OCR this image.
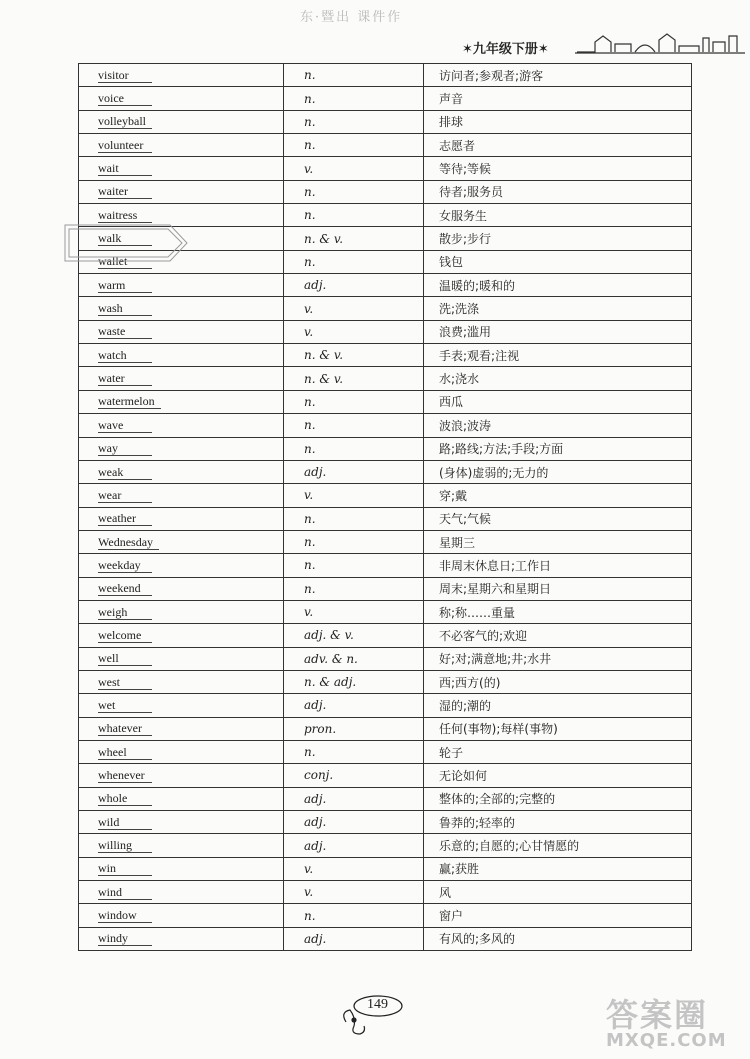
东·暨出 课件作
✶九年级下册✶
visitor	n.	访问者;参观者;游客
voice	n.	声音
volleyball	n.	排球
volunteer	n.	志愿者
wait	v.	等待;等候
waiter	n.	待者;服务员
waitress	n.	女服务生
walk	n. & v.	散步;步行
wallet	n.	钱包
warm	adj.	温暖的;暖和的
wash	v.	洗;洗涤
waste	v.	浪费;滥用
watch	n. & v.	手表;观看;注视
water	n. & v.	水;浇水
watermelon	n.	西瓜
wave	n.	波浪;波涛
way	n.	路;路线;方法;手段;方面
weak	adj.	(身体)虚弱的;无力的
wear	v.	穿;戴
weather	n.	天气;气候
Wednesday	n.	星期三
weekday	n.	非周末休息日;工作日
weekend	n.	周末;星期六和星期日
weigh	v.	称;称……重量
welcome	adj. & v.	不必客气的;欢迎
well	adv. & n.	好;对;满意地;井;水井
west	n. & adj.	西;西方(的)
wet	adj.	湿的;潮的
whatever	pron.	任何(事物);每样(事物)
wheel	n.	轮子
whenever	conj.	无论如何
whole	adj.	整体的;全部的;完整的
wild	adj.	鲁莽的;轻率的
willing	adj.	乐意的;自愿的;心甘情愿的
win	v.	赢;获胜
wind	v.	风
window	n.	窗户
windy	adj.	有风的;多风的
149	答案圈
MXQE.COM
